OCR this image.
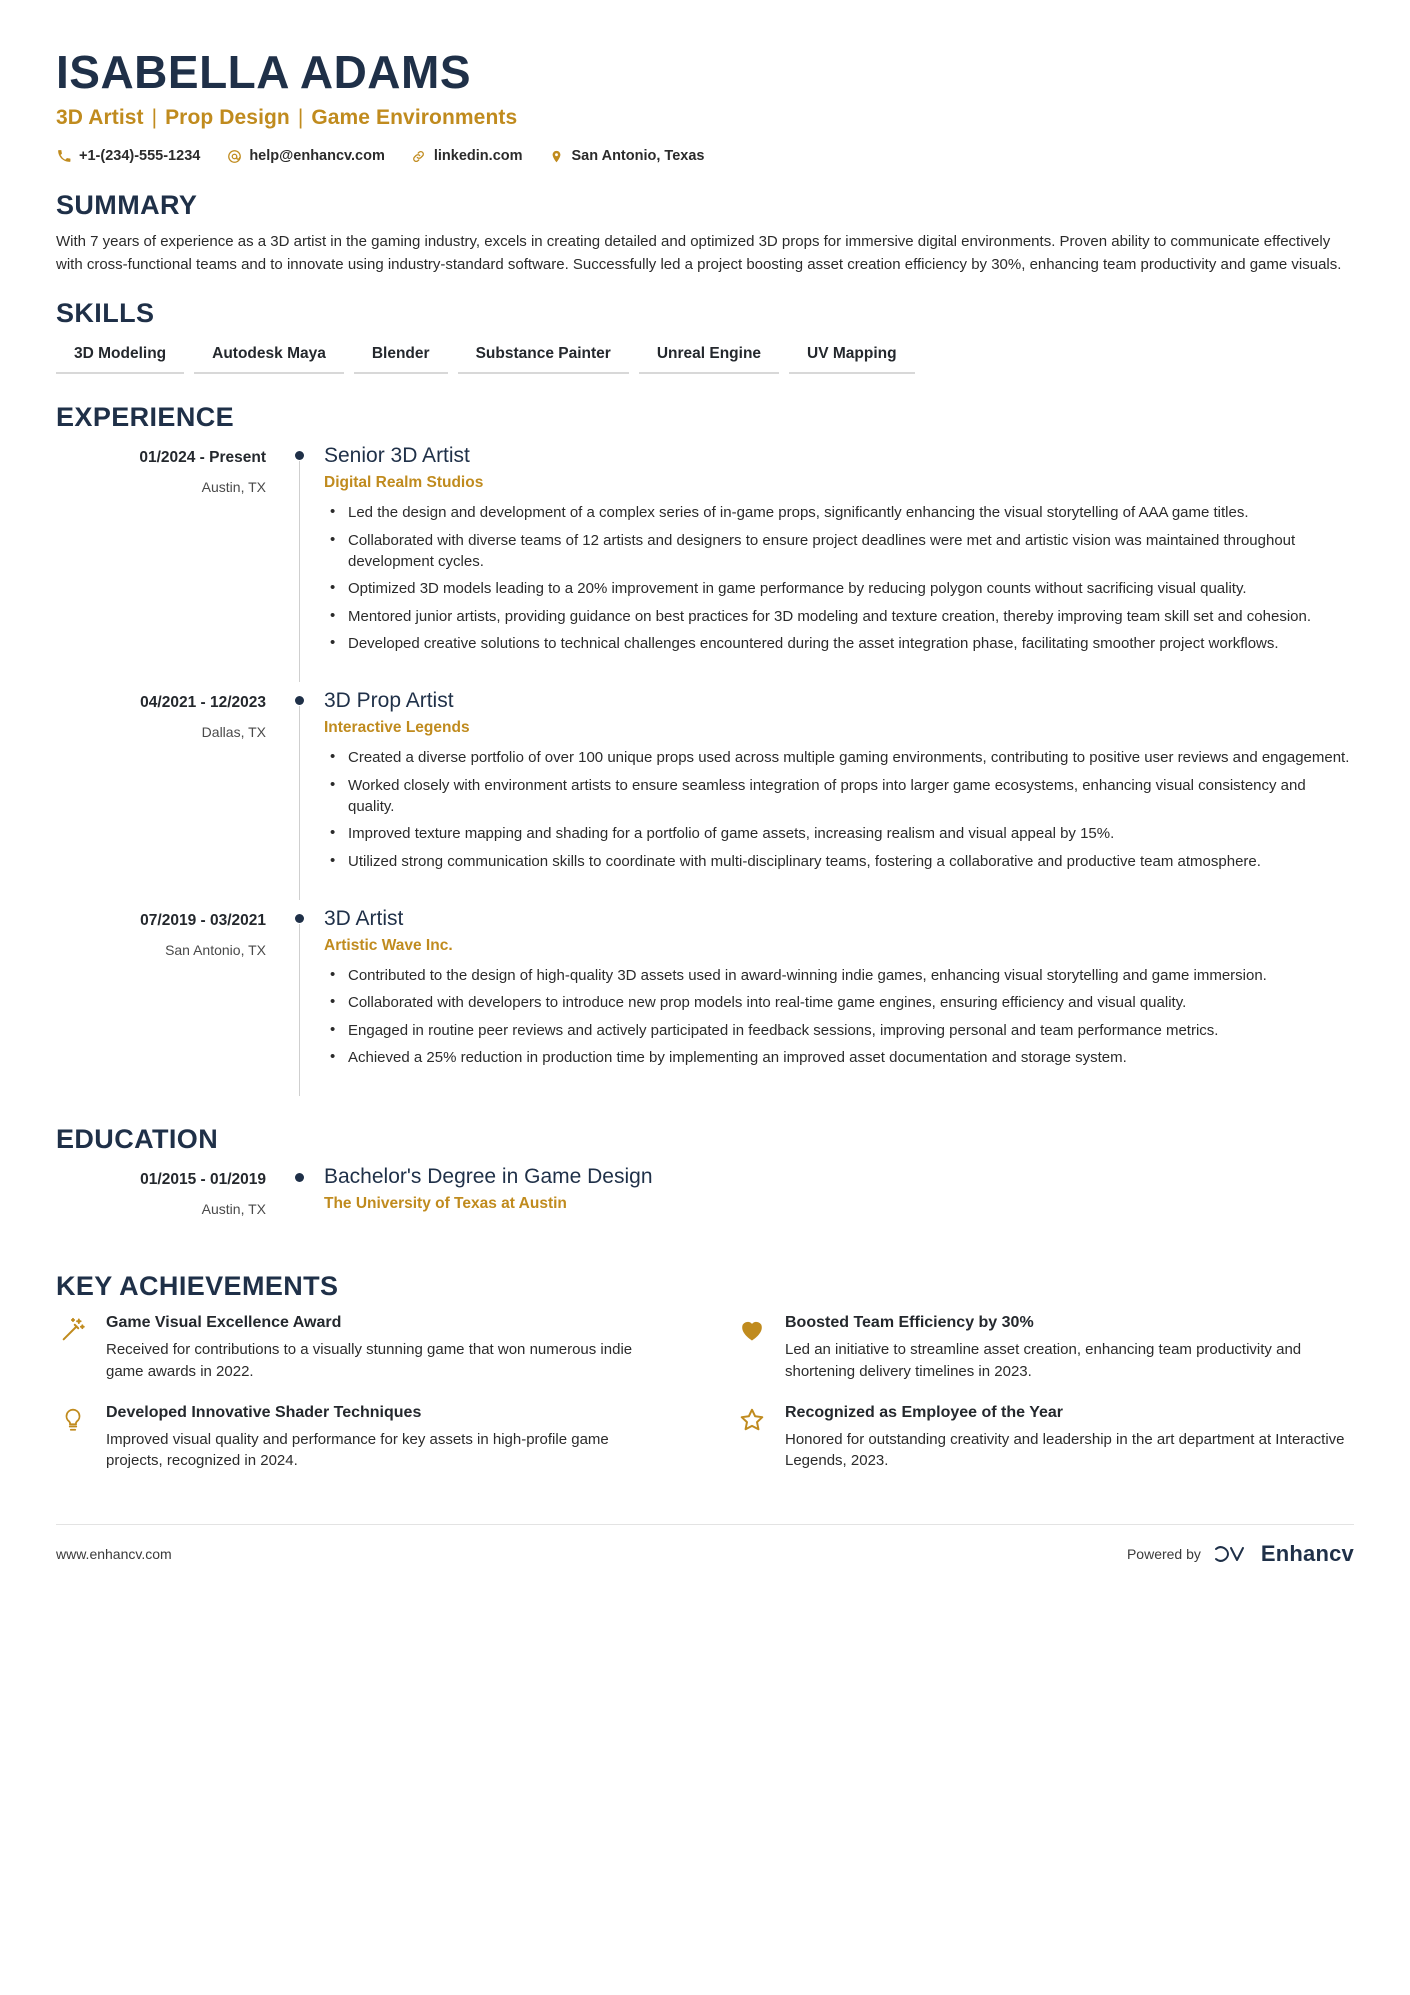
ISABELLA ADAMS
3D Artist | Prop Design | Game Environments
+1-(234)-555-1234	help@enhancv.com	linkedin.com	San Antonio, Texas
SUMMARY

With 7 years of experience as a 3D artist in the gaming industry, excels in creating detailed and optimized 3D props for immersive digital environments. Proven ability to communicate effectively with cross-functional teams and to innovate using industry-standard software. Successfully led a project boosting asset creation efficiency by 30%, enhancing team productivity and game visuals.

SKILLS
3D Modeling	Autodesk Maya	Blender	Substance Painter	Unreal Engine	UV Mapping
EXPERIENCE
01/2024 - Present
Austin, TX
Senior 3D Artist
Digital Realm Studios
• Led the design and development of a complex series of in-game props, significantly enhancing the visual storytelling of AAA game titles.
• Collaborated with diverse teams of 12 artists and designers to ensure project deadlines were met and artistic vision was maintained throughout development cycles.
• Optimized 3D models leading to a 20% improvement in game performance by reducing polygon counts without sacrificing visual quality.
• Mentored junior artists, providing guidance on best practices for 3D modeling and texture creation, thereby improving team skill set and cohesion.
• Developed creative solutions to technical challenges encountered during the asset integration phase, facilitating smoother project workflows.
04/2021 - 12/2023
Dallas, TX
3D Prop Artist
Interactive Legends
• Created a diverse portfolio of over 100 unique props used across multiple gaming environments, contributing to positive user reviews and engagement.
• Worked closely with environment artists to ensure seamless integration of props into larger game ecosystems, enhancing visual consistency and quality.
• Improved texture mapping and shading for a portfolio of game assets, increasing realism and visual appeal by 15%.
• Utilized strong communication skills to coordinate with multi-disciplinary teams, fostering a collaborative and productive team atmosphere.
07/2019 - 03/2021
San Antonio, TX
3D Artist
Artistic Wave Inc.
• Contributed to the design of high-quality 3D assets used in award-winning indie games, enhancing visual storytelling and game immersion.
• Collaborated with developers to introduce new prop models into real-time game engines, ensuring efficiency and visual quality.
• Engaged in routine peer reviews and actively participated in feedback sessions, improving personal and team performance metrics.
• Achieved a 25% reduction in production time by implementing an improved asset documentation and storage system.
EDUCATION
01/2015 - 01/2019
Austin, TX
Bachelor's Degree in Game Design
The University of Texas at Austin
KEY ACHIEVEMENTS
Game Visual Excellence Award

Received for contributions to a visually stunning game that won numerous indie game awards in 2022.

Boosted Team Efficiency by 30%

Led an initiative to streamline asset creation, enhancing team productivity and shortening delivery timelines in 2023.

Developed Innovative Shader Techniques

Improved visual quality and performance for key assets in high-profile game projects, recognized in 2024.

Recognized as Employee of the Year

Honored for outstanding creativity and leadership in the art department at Interactive Legends, 2023.

www.enhancv.com	Powered by	Enhancv
